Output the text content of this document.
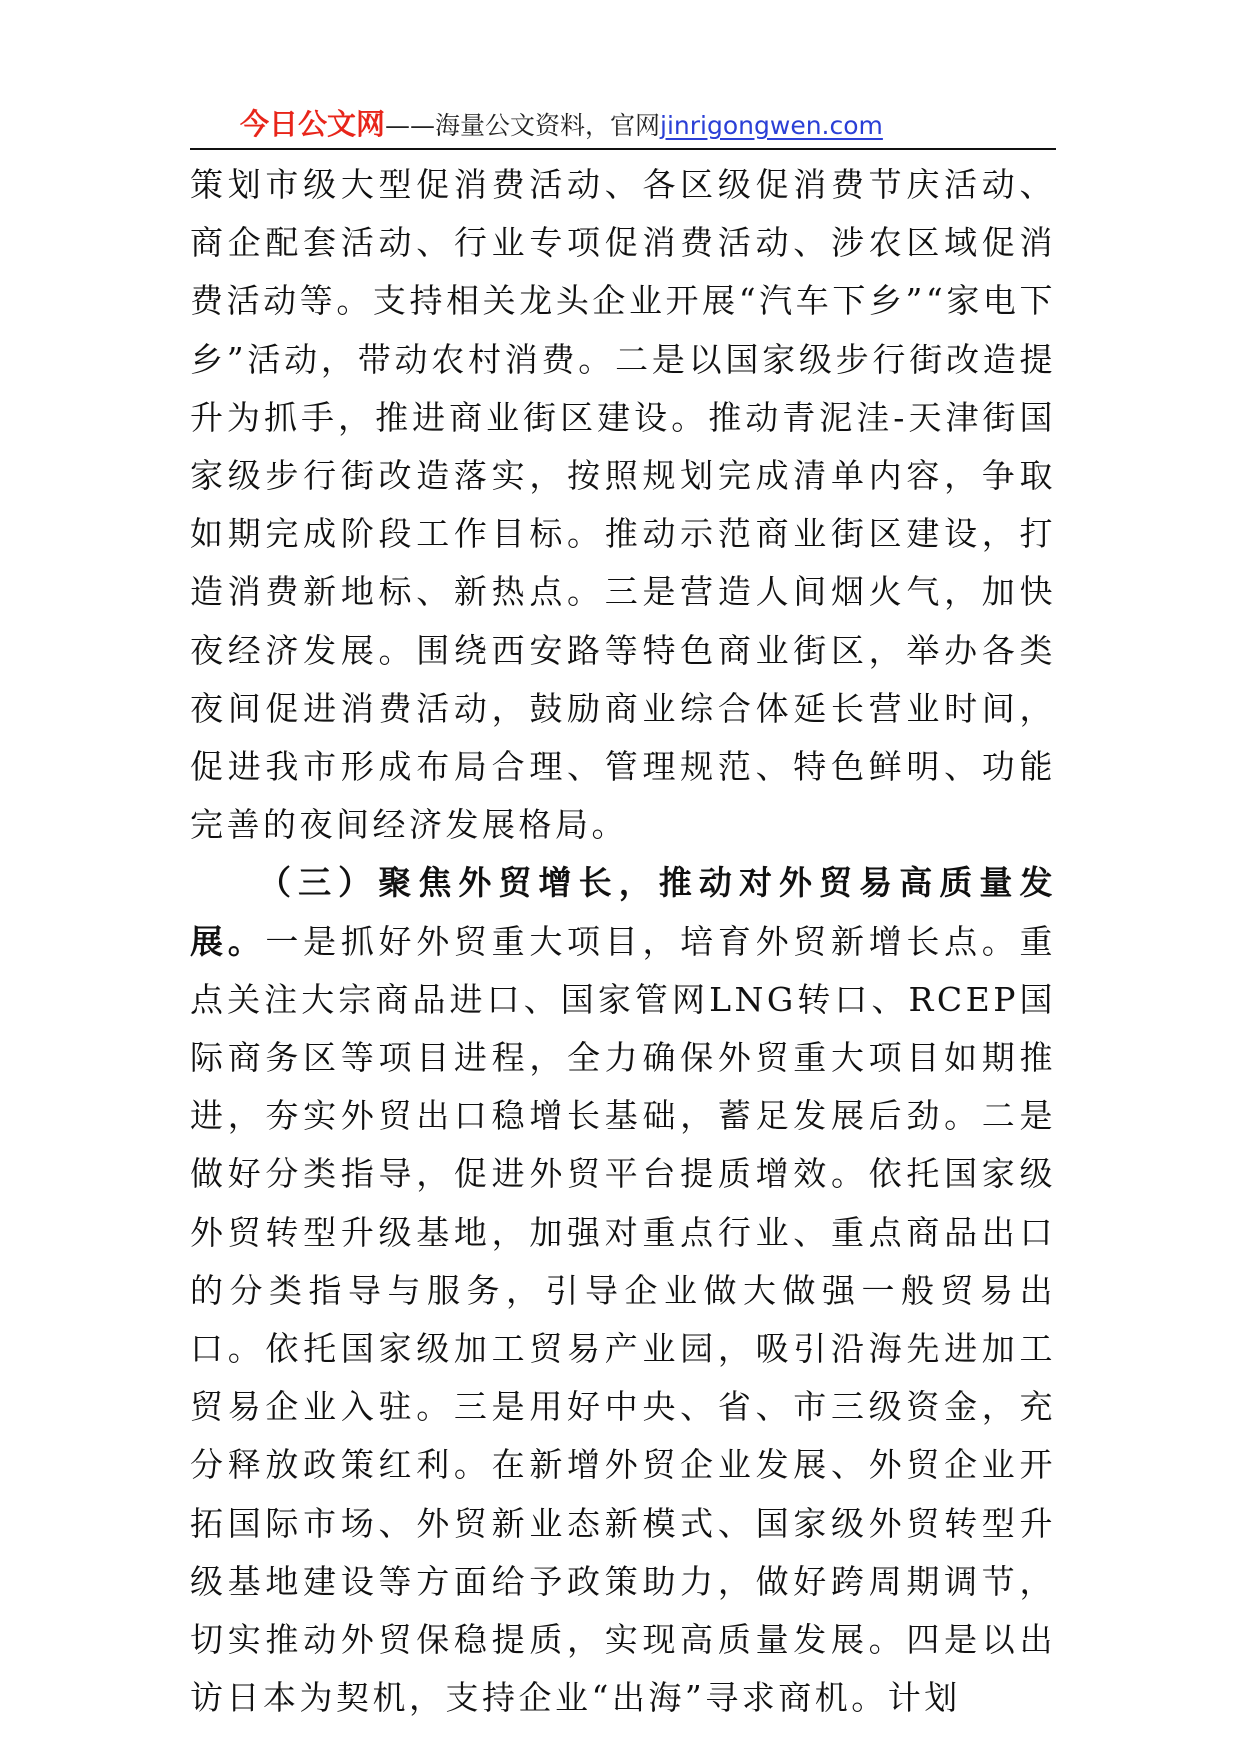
今日公文网——海量公文资料，官网jinrigongwen.com

策划市级大型促消费活动、各区级促消费节庆活动、商企配套活动、行业专项促消费活动、涉农区域促消费活动等。支持相关龙头企业开展“汽车下乡”“家电下乡”活动，带动农村消费。二是以国家级步行街改造提升为抓手，推进商业街区建设。推动青泥洼-天津街国家级步行街改造落实，按照规划完成清单内容，争取如期完成阶段工作目标。推动示范商业街区建设，打造消费新地标、新热点。三是营造人间烟火气，加快夜经济发展。围绕西安路等特色商业街区，举办各类夜间促进消费活动，鼓励商业综合体延长营业时间，促进我市形成布局合理、管理规范、特色鲜明、功能完善的夜间经济发展格局。

（三）聚焦外贸增长，推动对外贸易高质量发展。一是抓好外贸重大项目，培育外贸新增长点。重点关注大宗商品进口、国家管网LNG转口、RCEP国际商务区等项目进程，全力确保外贸重大项目如期推进，夯实外贸出口稳增长基础，蓄足发展后劲。二是做好分类指导，促进外贸平台提质增效。依托国家级外贸转型升级基地，加强对重点行业、重点商品出口的分类指导与服务，引导企业做大做强一般贸易出口。依托国家级加工贸易产业园，吸引沿海先进加工贸易企业入驻。三是用好中央、省、市三级资金，充分释放政策红利。在新增外贸企业发展、外贸企业开拓国际市场、外贸新业态新模式、国家级外贸转型升级基地建设等方面给予政策助力，做好跨周期调节，切实推动外贸保稳提质，实现高质量发展。四是以出访日本为契机，支持企业“出海”寻求商机。计划
